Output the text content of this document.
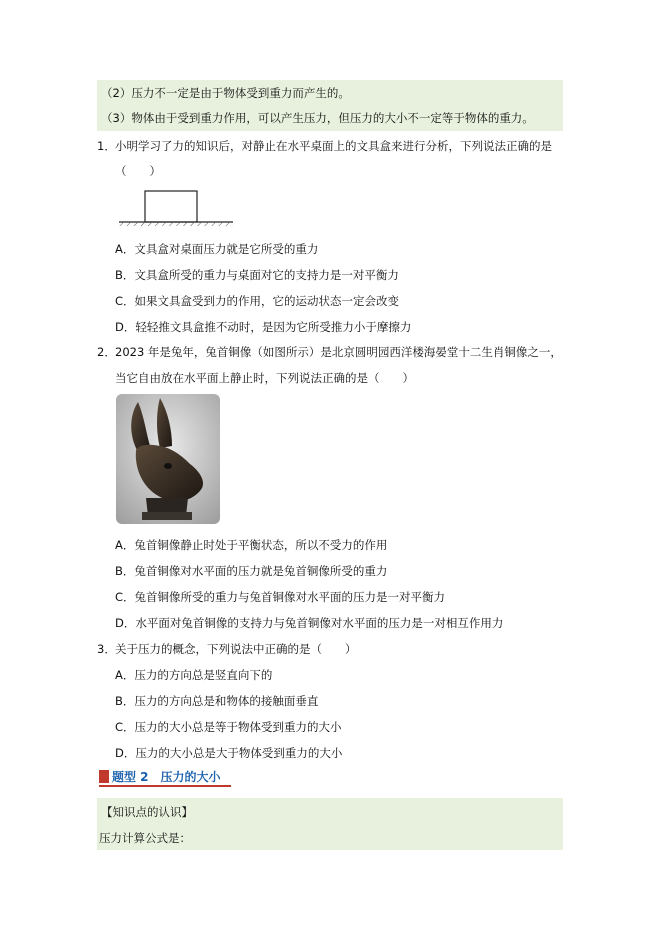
（2）压力不一定是由于物体受到重力而产生的。
（3）物体由于受到重力作用，可以产生压力，但压力的大小不一定等于物体的重力。
1． 小明学习了力的知识后，对静止在水平桌面上的文具盒来进行分析，下列说法正确的是
（　　）
A．文具盒对桌面压力就是它所受的重力
B．文具盒所受的重力与桌面对它的支持力是一对平衡力
C．如果文具盒受到力的作用，它的运动状态一定会改变
D．轻轻推文具盒推不动时，是因为它所受推力小于摩擦力
2． 2023 年是兔年，兔首铜像（如图所示）是北京圆明园西洋楼海晏堂十二生肖铜像之一，
当它自由放在水平面上静止时，下列说法正确的是（　　）
A．兔首铜像静止时处于平衡状态，所以不受力的作用
B．兔首铜像对水平面的压力就是兔首铜像所受的重力
C．兔首铜像所受的重力与兔首铜像对水平面的压力是一对平衡力
D．水平面对兔首铜像的支持力与兔首铜像对水平面的压力是一对相互作用力
3． 关于压力的概念，下列说法中正确的是（　　）
A．压力的方向总是竖直向下的
B．压力的方向总是和物体的接触面垂直
C．压力的大小总是等于物体受到重力的大小
D．压力的大小总是大于物体受到重力的大小
题型 2　压力的大小
【知识点的认识】
压力计算公式是：
